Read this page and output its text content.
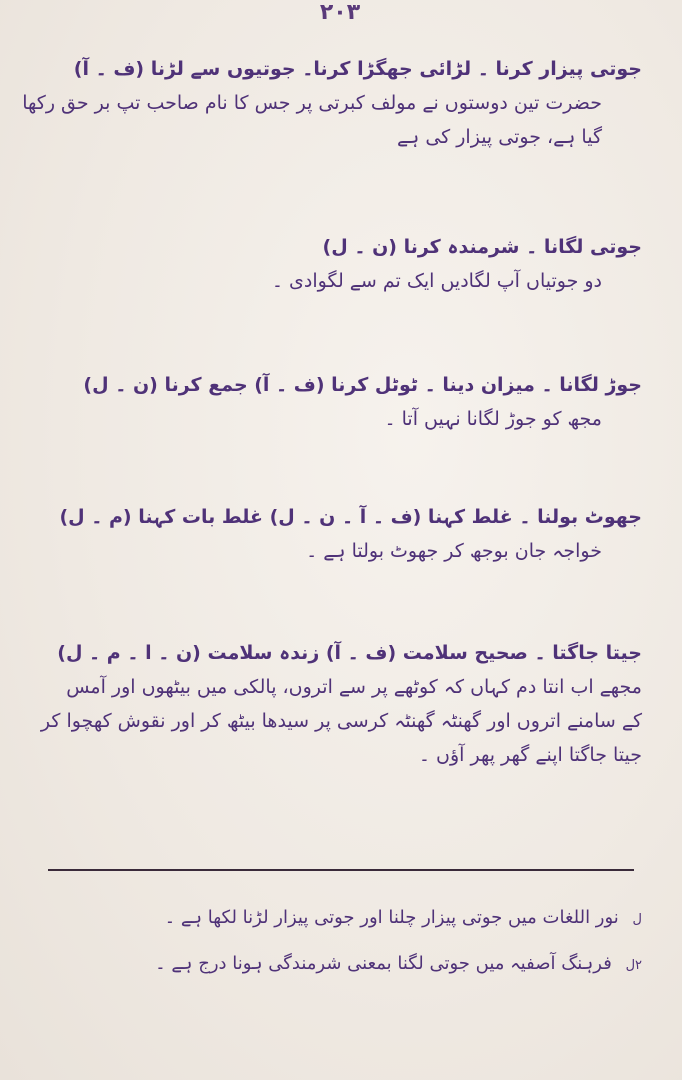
۲۰۳
جوتی پیزار کرنا ۔ لڑائی جھگڑا کرنا۔ جوتیوں سے لڑنا (ف ۔ آ)
حضرت تین دوستوں نے مولف کبرتی پر جس کا نام صاحب تپ بر حق رکھا
گیا ہے، جوتی پیزار کی ہے
جوتی لگانا ۔ شرمندہ کرنا (ن ۔ ل)
دو جوتیاں آپ لگادیں ایک تم سے لگوادی ۔
جوڑ لگانا ۔ میزان دینا ۔ ٹوٹل کرنا (ف ۔ آ) جمع کرنا (ن ۔ ل)
مجھ کو جوڑ لگانا نہیں آتا ۔
جھوٹ بولنا ۔ غلط کہنا (ف ۔ آ ۔ ن ۔ ل) غلط بات کہنا (م ۔ ل)
خواجہ جان بوجھ کر جھوٹ بولتا ہے ۔
جیتا جاگتا ۔ صحیح سلامت (ف ۔ آ) زندہ سلامت (ن ۔ ا ۔ م ۔ ل)
مجھے اب انتا دم کہاں کہ کوٹھے پر سے اتروں، پالکی میں بیٹھوں اور آمس
کے سامنے اتروں اور گھنٹہ گھنٹہ کرسی پر سیدھا بیٹھ کر اور نقوش کھچوا کر
جیتا جاگتا اپنے گھر پھر آؤں ۔
ل نور اللغات میں جوتی پیزار چلنا اور جوتی پیزار لڑنا لکھا ہے ۔
۲ل فرہنگ آصفیہ میں جوتی لگنا بمعنی شرمندگی ہونا درج ہے ۔
